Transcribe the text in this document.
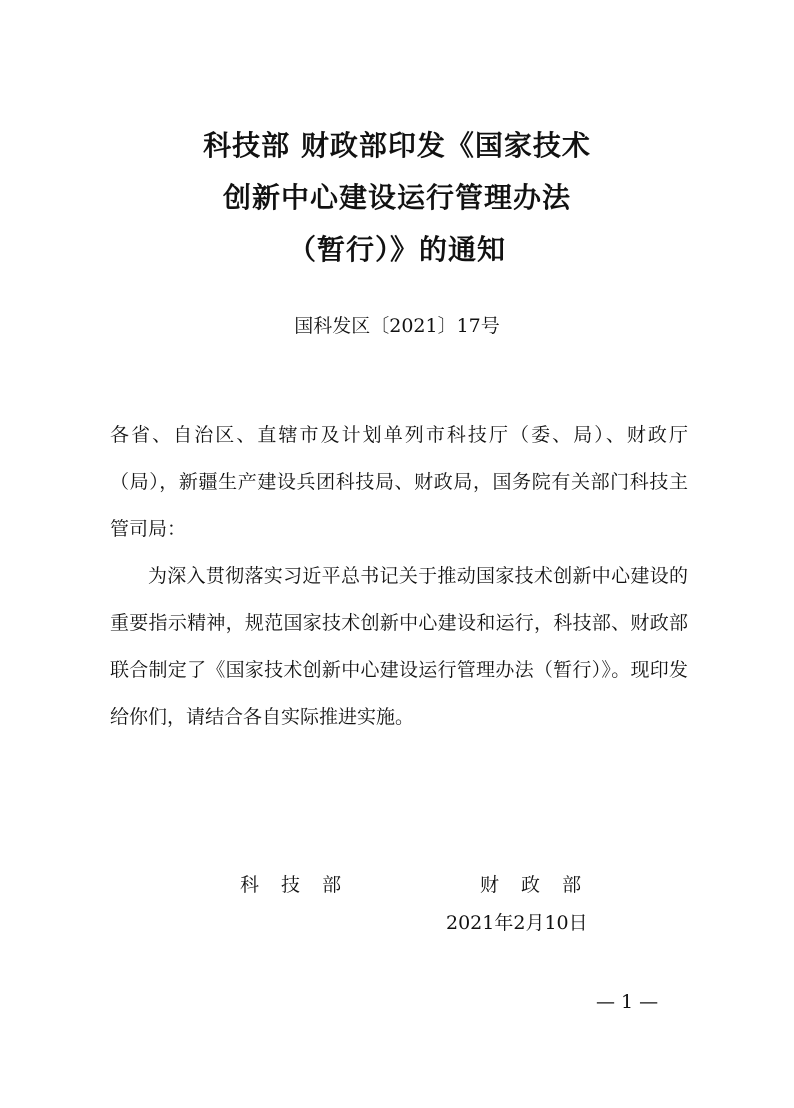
科技部 财政部印发《国家技术
创新中心建设运行管理办法
（暂行）》的通知
国科发区〔2021〕17号

各省、自治区、直辖市及计划单列市科技厅（委、局）、财政厅（局），新疆生产建设兵团科技局、财政局，国务院有关部门科技主管司局：

为深入贯彻落实习近平总书记关于推动国家技术创新中心建设的重要指示精神，规范国家技术创新中心建设和运行，科技部、财政部联合制定了《国家技术创新中心建设运行管理办法（暂行）》。现印发给你们，请结合各自实际推进实施。

科 技 部	财 政 部
2021年2月10日
— 1 —
